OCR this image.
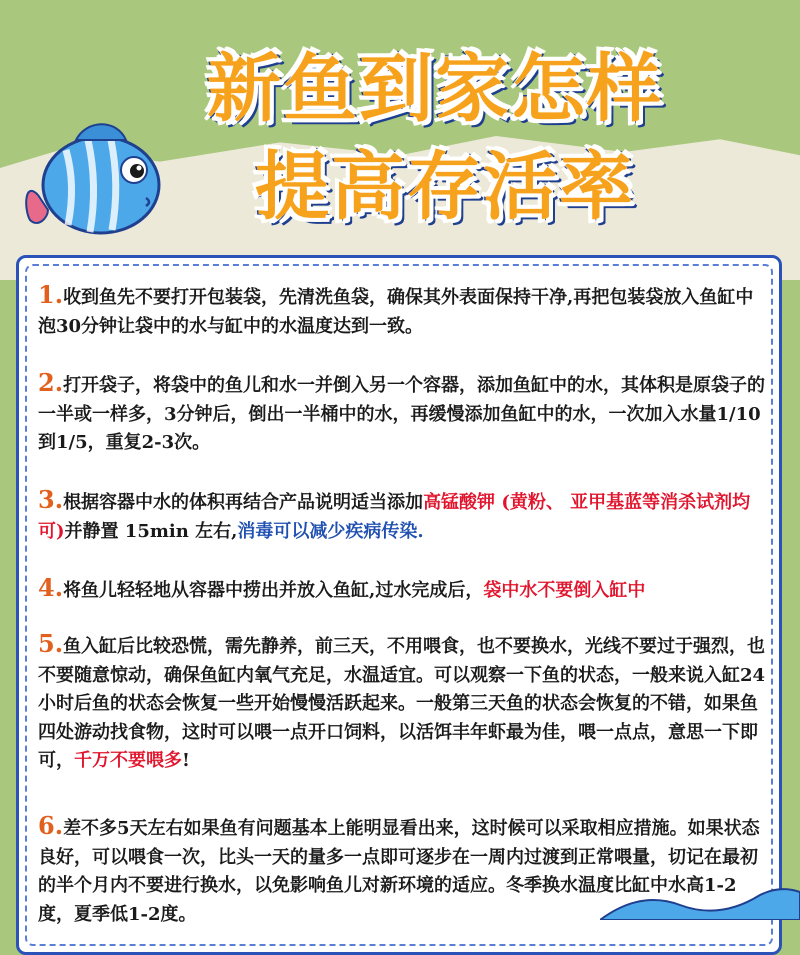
新鱼到家怎样
提高存活率
1.收到鱼先不要打开包装袋，先清洗鱼袋，确保其外表面保持干净,再把包装袋放入鱼缸中泡30分钟让袋中的水与缸中的水温度达到一致。
2.打开袋子，将袋中的鱼儿和水一并倒入另一个容器，添加鱼缸中的水，其体积是原袋子的一半或一样多，3分钟后，倒出一半桶中的水，再缓慢添加鱼缸中的水，一次加入水量1/10到1/5，重复2-3次。
3.根据容器中水的体积再结合产品说明适当添加高锰酸钾 (黄粉、 亚甲基蓝等消杀试剂均可)并静置 15min 左右,消毒可以减少疾病传染.
4.将鱼儿轻轻地从容器中捞出并放入鱼缸,过水完成后，袋中水不要倒入缸中
5.鱼入缸后比较恐慌，需先静养，前三天，不用喂食，也不要换水，光线不要过于强烈，也不要随意惊动，确保鱼缸内氧气充足，水温适宜。可以观察一下鱼的状态，一般来说入缸24小时后鱼的状态会恢复一些开始慢慢活跃起来。一般第三天鱼的状态会恢复的不错，如果鱼四处游动找食物，这时可以喂一点开口饲料，以活饵丰年虾最为佳，喂一点点，意思一下即可，千万不要喂多!
6.差不多5天左右如果鱼有问题基本上能明显看出来，这时候可以采取相应措施。如果状态良好，可以喂食一次，比头一天的量多一点即可逐步在一周内过渡到正常喂量，切记在最初的半个月内不要进行换水，以免影响鱼儿对新环境的适应。冬季换水温度比缸中水高1-2度，夏季低1-2度。
